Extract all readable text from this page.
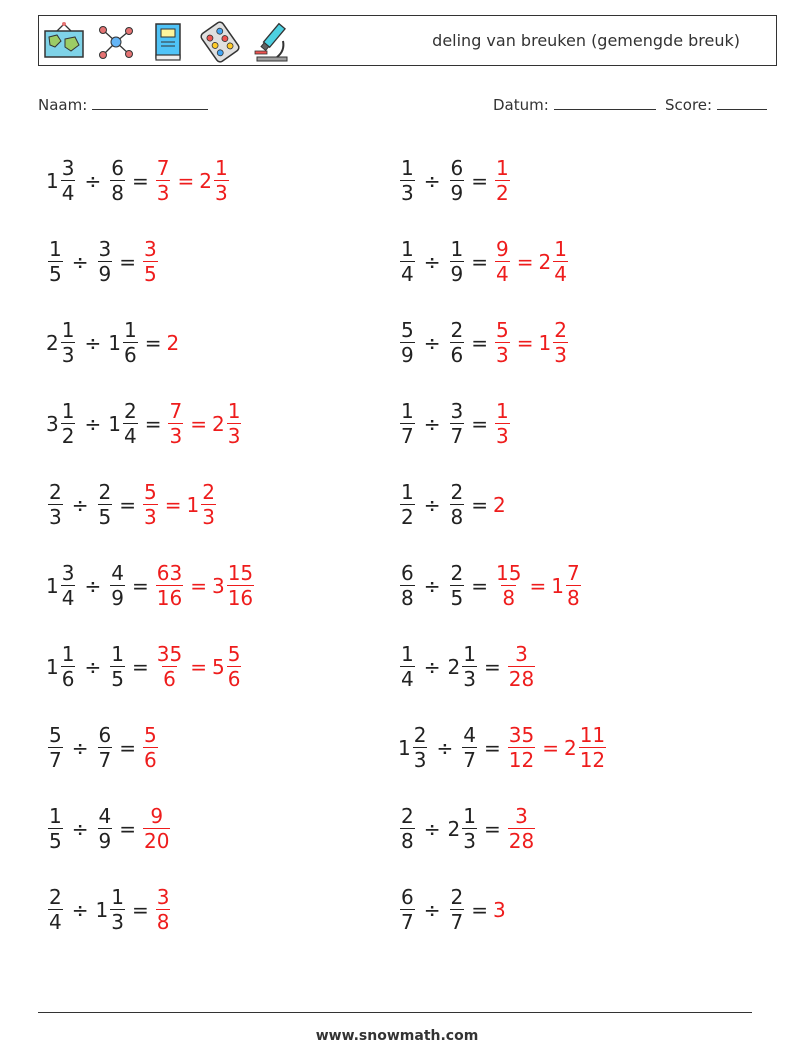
deling van breuken (gemengde breuk)
Naam:	Datum:	Score:
$1 \frac{3}{4} \div \frac{6}{8} = \frac{7}{3} = 2 \frac{1}{3}$
$\frac{1}{5} \div \frac{3}{9} = \frac{3}{5}$
$2 \frac{1}{3} \div 1 \frac{1}{6} = 2$
$3 \frac{1}{2} \div 1 \frac{2}{4} = \frac{7}{3} = 2 \frac{1}{3}$
$\frac{2}{3} \div \frac{2}{5} = \frac{5}{3} = 1 \frac{2}{3}$
$1 \frac{3}{4} \div \frac{4}{9} = \frac{63}{16} = 3 \frac{15}{16}$
$1 \frac{1}{6} \div \frac{1}{5} = \frac{35}{6} = 5 \frac{5}{6}$
$\frac{5}{7} \div \frac{6}{7} = \frac{5}{6}$
$\frac{1}{5} \div \frac{4}{9} = \frac{9}{20}$
$\frac{2}{4} \div 1 \frac{1}{3} = \frac{3}{8}$
$\frac{1}{3} \div \frac{6}{9} = \frac{1}{2}$
$\frac{1}{4} \div \frac{1}{9} = \frac{9}{4} = 2 \frac{1}{4}$
$\frac{5}{9} \div \frac{2}{6} = \frac{5}{3} = 1 \frac{2}{3}$
$\frac{1}{7} \div \frac{3}{7} = \frac{1}{3}$
$\frac{1}{2} \div \frac{2}{8} = 2$
$\frac{6}{8} \div \frac{2}{5} = \frac{15}{8} = 1 \frac{7}{8}$
$\frac{1}{4} \div 2 \frac{1}{3} = \frac{3}{28}$
$1 \frac{2}{3} \div \frac{4}{7} = \frac{35}{12} = 2 \frac{11}{12}$
$\frac{2}{8} \div 2 \frac{1}{3} = \frac{3}{28}$
$\frac{6}{7} \div \frac{2}{7} = 3$
www.snowmath.com
